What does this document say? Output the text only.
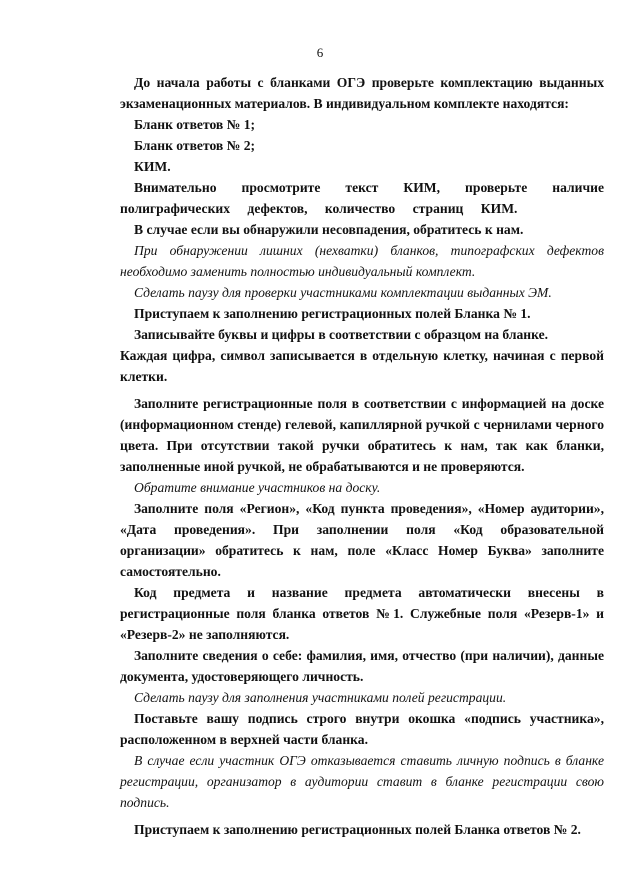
6

До начала работы с бланками ОГЭ проверьте комплектацию выданных экзаменационных материалов. В индивидуальном комплекте находятся:

Бланк ответов № 1;

Бланк ответов № 2;

КИМ.

Внимательно просмотрите текст КИМ, проверьте наличие полиграфических дефектов, количество страниц КИМ.

В случае если вы обнаружили несовпадения, обратитесь к нам.

При обнаружении лишних (нехватки) бланков, типографских дефектов необходимо заменить полностью индивидуальный комплект.

Сделать паузу для проверки участниками комплектации выданных ЭМ.

Приступаем к заполнению регистрационных полей Бланка № 1.

Записывайте буквы и цифры в соответствии с образцом на бланке.

Каждая цифра, символ записывается в отдельную клетку, начиная с первой клетки.

Заполните регистрационные поля в соответствии с информацией на доске (информационном стенде) гелевой, капиллярной ручкой с чернилами черного цвета. При отсутствии такой ручки обратитесь к нам, так как бланки, заполненные иной ручкой, не обрабатываются и не проверяются.

Обратите внимание участников на доску.

Заполните поля «Регион», «Код пункта проведения», «Номер аудитории», «Дата проведения». При заполнении поля «Код образовательной организации» обратитесь к нам, поле «Класс Номер Буква» заполните самостоятельно.

Код предмета и название предмета автоматически внесены в регистрационные поля бланка ответов №1. Служебные поля «Резерв-1» и «Резерв-2» не заполняются.

Заполните сведения о себе: фамилия, имя, отчество (при наличии), данные документа, удостоверяющего личность.

Сделать паузу для заполнения участниками полей регистрации.

Поставьте вашу подпись строго внутри окошка «подпись участника», расположенном в верхней части бланка.

В случае если участник ОГЭ отказывается ставить личную подпись в бланке регистрации, организатор в аудитории ставит в бланке регистрации свою подпись.

Приступаем к заполнению регистрационных полей Бланка ответов № 2.
